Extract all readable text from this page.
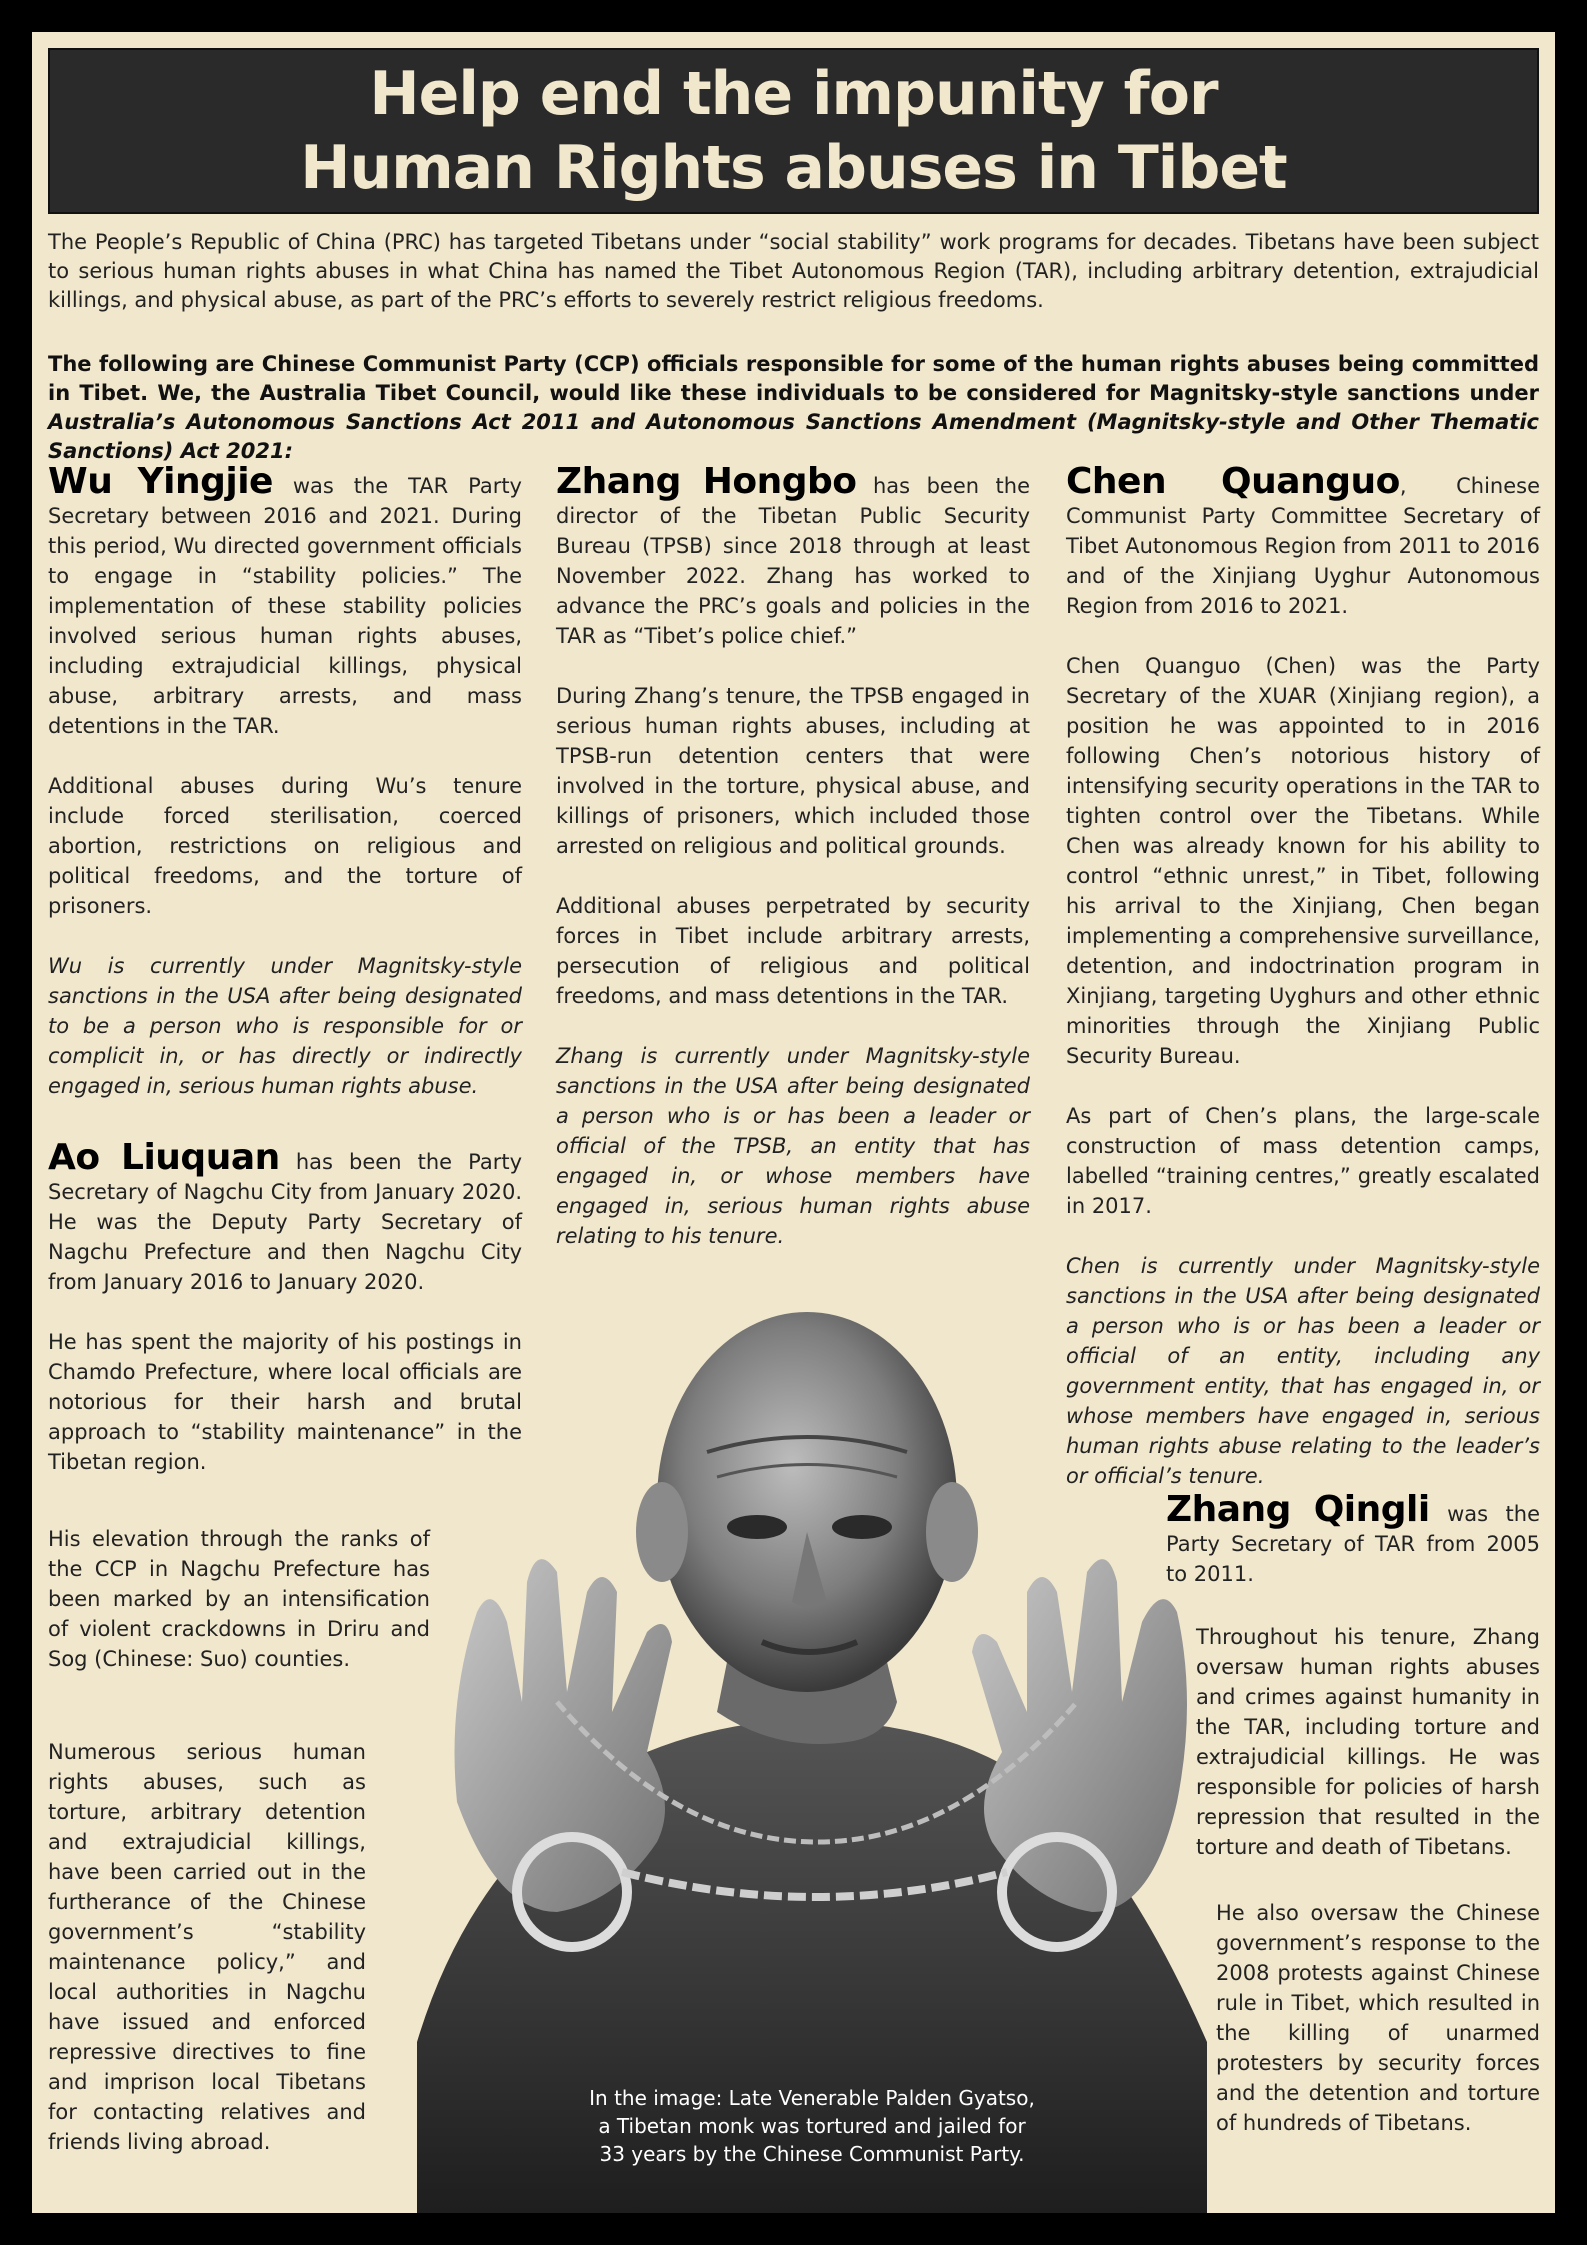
Help end the impunity for
Human Rights abuses in Tibet

The People’s Republic of China (PRC) has targeted Tibetans under “social stability” work programs for decades. Tibetans have been subject to serious human rights abuses in what China has named the Tibet Autonomous Region (TAR), including arbitrary detention, extrajudicial killings, and physical abuse, as part of the PRC’s efforts to severely restrict religious freedoms.

The following are Chinese Communist Party (CCP) officials responsible for some of the human rights abuses being committed in Tibet. We, the Australia Tibet Council, would like these individuals to be considered for Magnitsky-style sanctions under Australia’s Autonomous Sanctions Act 2011 and Autonomous Sanctions Amendment (Magnitsky-style and Other Thematic Sanctions) Act 2021:

In the image: Late Venerable Palden Gyatso,
a Tibetan monk was tortured and jailed for
33 years by the Chinese Communist Party.

Wu Yingjie was the TAR Party Secretary between 2016 and 2021. During this period, Wu directed government officials to engage in “stability policies.” The implementation of these stability policies involved serious human rights abuses, including extrajudicial killings, physical abuse, arbitrary arrests, and mass detentions in the TAR.

Additional abuses during Wu’s tenure include forced sterilisation, coerced abortion, restrictions on religious and political freedoms, and the torture of prisoners.

Wu is currently under Magnitsky-style sanctions in the USA after being designated to be a person who is responsible for or complicit in, or has directly or indirectly engaged in, serious human rights abuse.

Ao Liuquan has been the Party Secretary of Nagchu City from January 2020. He was the Deputy Party Secretary of Nagchu Prefecture and then Nagchu City from January 2016 to January 2020.

He has spent the majority of his postings in Chamdo Prefecture, where local officials are notorious for their harsh and brutal approach to “stability maintenance” in the Tibetan region.

His elevation through the ranks of the CCP in Nagchu Prefecture has been marked by an intensification of violent crackdowns in Driru and Sog (Chinese: Suo) counties.

Numerous serious human rights abuses, such as torture, arbitrary detention and extrajudicial killings, have been carried out in the furtherance of the Chinese government’s “stability maintenance policy,” and local authorities in Nagchu have issued and enforced repressive directives to fine and imprison local Tibetans for contacting relatives and friends living abroad.

Zhang Hongbo has been the director of the Tibetan Public Security Bureau (TPSB) since 2018 through at least November 2022. Zhang has worked to advance the PRC’s goals and policies in the TAR as “Tibet’s police chief.”

During Zhang’s tenure, the TPSB engaged in serious human rights abuses, including at TPSB-run detention centers that were involved in the torture, physical abuse, and killings of prisoners, which included those arrested on religious and political grounds.

Additional abuses perpetrated by security forces in Tibet include arbitrary arrests, persecution of religious and political freedoms, and mass detentions in the TAR.

Zhang is currently under Magnitsky-style sanctions in the USA after being designated a person who is or has been a leader or official of the TPSB, an entity that has engaged in, or whose members have engaged in, serious human rights abuse relating to his tenure.

Chen Quanguo, Chinese Communist Party Committee Secretary of Tibet Autonomous Region from 2011 to 2016 and of the Xinjiang Uyghur Autonomous Region from 2016 to 2021.

Chen Quanguo (Chen) was the Party Secretary of the XUAR (Xinjiang region), a position he was appointed to in 2016 following Chen’s notorious history of intensifying security operations in the TAR to tighten control over the Tibetans. While Chen was already known for his ability to control “ethnic unrest,” in Tibet, following his arrival to the Xinjiang, Chen began implementing a comprehensive surveillance, detention, and indoctrination program in Xinjiang, targeting Uyghurs and other ethnic minorities through the Xinjiang Public Security Bureau.

As part of Chen’s plans, the large-scale construction of mass detention camps, labelled “training centres,” greatly escalated in 2017.

Chen is currently under Magnitsky-style sanctions in the USA after being designated a person who is or has been a leader or official of an entity, including any government entity, that has engaged in, or whose members have engaged in, serious human rights abuse relating to the leader’s or official’s tenure.

Zhang Qingli was the Party Secretary of TAR from 2005 to 2011.

Throughout his tenure, Zhang oversaw human rights abuses and crimes against humanity in the TAR, including torture and extrajudicial killings. He was responsible for policies of harsh repression that resulted in the torture and death of Tibetans.

He also oversaw the Chinese government’s response to the 2008 protests against Chinese rule in Tibet, which resulted in the killing of unarmed protesters by security forces and the detention and torture of hundreds of Tibetans.
